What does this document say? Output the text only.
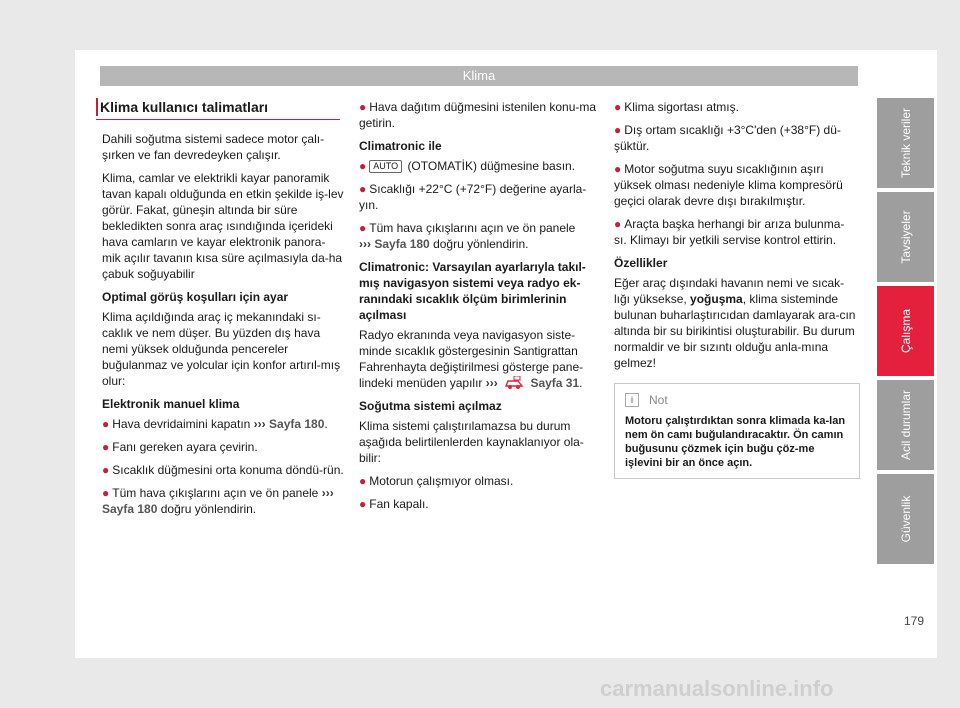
Klima
Klima kullanıcı talimatları

Dahili soğutma sistemi sadece motor çalı-şırken ve fan devredeyken çalışır.

Klima, camlar ve elektrikli kayar panoramik tavan kapalı olduğunda en etkin şekilde iş-lev görür. Fakat, güneşin altında bir süre bekledikten sonra araç ısındığında içerideki hava camların ve kayar elektronik panora-mik açılır tavanın kısa süre açılmasıyla da-ha çabuk soğuyabilir

Optimal görüş koşulları için ayar

Klima açıldığında araç iç mekanındaki sı-caklık ve nem düşer. Bu yüzden dış hava nemi yüksek olduğunda pencereler buğulanmaz ve yolcular için konfor artırıl-mış olur:

Elektronik manuel klima
● Hava devridaimini kapatın ››› Sayfa 180.
● Fanı gereken ayara çevirin.
● Sıcaklık düğmesini orta konuma döndü-rün.
● Tüm hava çıkışlarını açın ve ön panele ››› Sayfa 180 doğru yönlendirin.
● Hava dağıtım düğmesini istenilen konu-ma getirin.
Climatronic ile
● AUTO (OTOMATİK) düğmesine basın.
● Sıcaklığı +22°C (+72°F) değerine ayarla-yın.
● Tüm hava çıkışlarını açın ve ön panele
››› Sayfa 180 doğru yönlendirin.
Climatronic: Varsayılan ayarlarıyla takıl-mış navigasyon sistemi veya radyo ek-ranındaki sıcaklık ölçüm birimlerinin açılması

Radyo ekranında veya navigasyon siste-minde sıcaklık göstergesinin Santigrattan Fahrenhayta değiştirilmesi gösterge pane-lindeki menüden yapılır ›››	Sayfa 31.

Soğutma sistemi açılmaz

Klima sistemi çalıştırılamazsa bu durum aşağıda belirtilenlerden kaynaklanıyor ola-bilir:

● Motorun çalışmıyor olması.
● Fan kapalı.
● Klima sigortası atmış.
● Dış ortam sıcaklığı +3°C'den (+38°F) dü-şüktür.
● Motor soğutma suyu sıcaklığının aşırı yüksek olması nedeniyle klima kompresörü geçici olarak devre dışı bırakılmıştır.
● Araçta başka herhangi bir arıza bulunma-sı. Klimayı bir yetkili servise kontrol ettirin.
Özellikler

Eğer araç dışındaki havanın nemi ve sıcak-lığı yüksekse, yoğuşma, klima sisteminde bulunan buharlaştırıcıdan damlayarak ara-cın altında bir su birikintisi oluşturabilir. Bu durum normaldir ve bir sızıntı olduğu anla-mına gelmez!

i	Not
Motoru çalıştırdıktan sonra klimada ka-lan nem ön camı buğulandıracaktır. Ön camın buğusunu çözmek için buğu çöz-me işlevini bir an önce açın.
Teknik veriler
Tavsiyeler
Çalışma
Acil durumlar
Güvenlik
179
carmanualsonline.info
